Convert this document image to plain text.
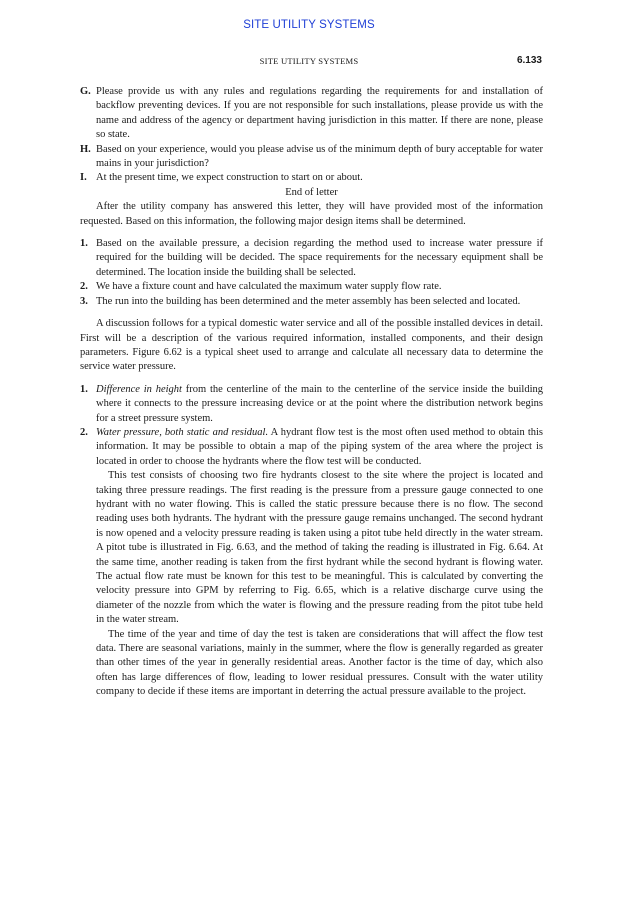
SITE UTILITY SYSTEMS
SITE UTILITY SYSTEMS	6.133

G. Please provide us with any rules and regulations regarding the requirements for and installation of backflow preventing devices. If you are not responsible for such installations, please provide us with the name and address of the agency or department having jurisdiction in this matter. If there are none, please so state.

H. Based on your experience, would you please advise us of the minimum depth of bury acceptable for water mains in your jurisdiction?

I. At the present time, we expect construction to start on or about.

End of letter

After the utility company has answered this letter, they will have provided most of the information requested. Based on this information, the following major design items shall be determined.

1. Based on the available pressure, a decision regarding the method used to increase water pressure if required for the building will be decided. The space requirements for the necessary equipment shall be determined. The location inside the building shall be selected.

2. We have a fixture count and have calculated the maximum water supply flow rate.

3. The run into the building has been determined and the meter assembly has been selected and located.

A discussion follows for a typical domestic water service and all of the possible installed devices in detail. First will be a description of the various required information, installed components, and their design parameters. Figure 6.62 is a typical sheet used to arrange and calculate all necessary data to determine the service water pressure.

1. Difference in height from the centerline of the main to the centerline of the service inside the building where it connects to the pressure increasing device or at the point where the distribution network begins for a street pressure system.

2. Water pressure, both static and residual. A hydrant flow test is the most often used method to obtain this information. It may be possible to obtain a map of the piping system of the area where the project is located in order to choose the hydrants where the flow test will be conducted.

This test consists of choosing two fire hydrants closest to the site where the project is located and taking three pressure readings. The first reading is the pressure from a pressure gauge connected to one hydrant with no water flowing. This is called the static pressure because there is no flow. The second reading uses both hydrants. The hydrant with the pressure gauge remains unchanged. The second hydrant is now opened and a velocity pressure reading is taken using a pitot tube held directly in the water stream. A pitot tube is illustrated in Fig. 6.63, and the method of taking the reading is illustrated in Fig. 6.64. At the same time, another reading is taken from the first hydrant while the second hydrant is flowing water. The actual flow rate must be known for this test to be meaningful. This is calculated by converting the velocity pressure into GPM by referring to Fig. 6.65, which is a relative discharge curve using the diameter of the nozzle from which the water is flowing and the pressure reading from the pitot tube held in the water stream.

The time of the year and time of day the test is taken are considerations that will affect the flow test data. There are seasonal variations, mainly in the summer, where the flow is generally regarded as greater than other times of the year in generally residential areas. Another factor is the time of day, which also often has large differences of flow, leading to lower residual pressures. Consult with the water utility company to decide if these items are important in deterring the actual pressure available to the project.
